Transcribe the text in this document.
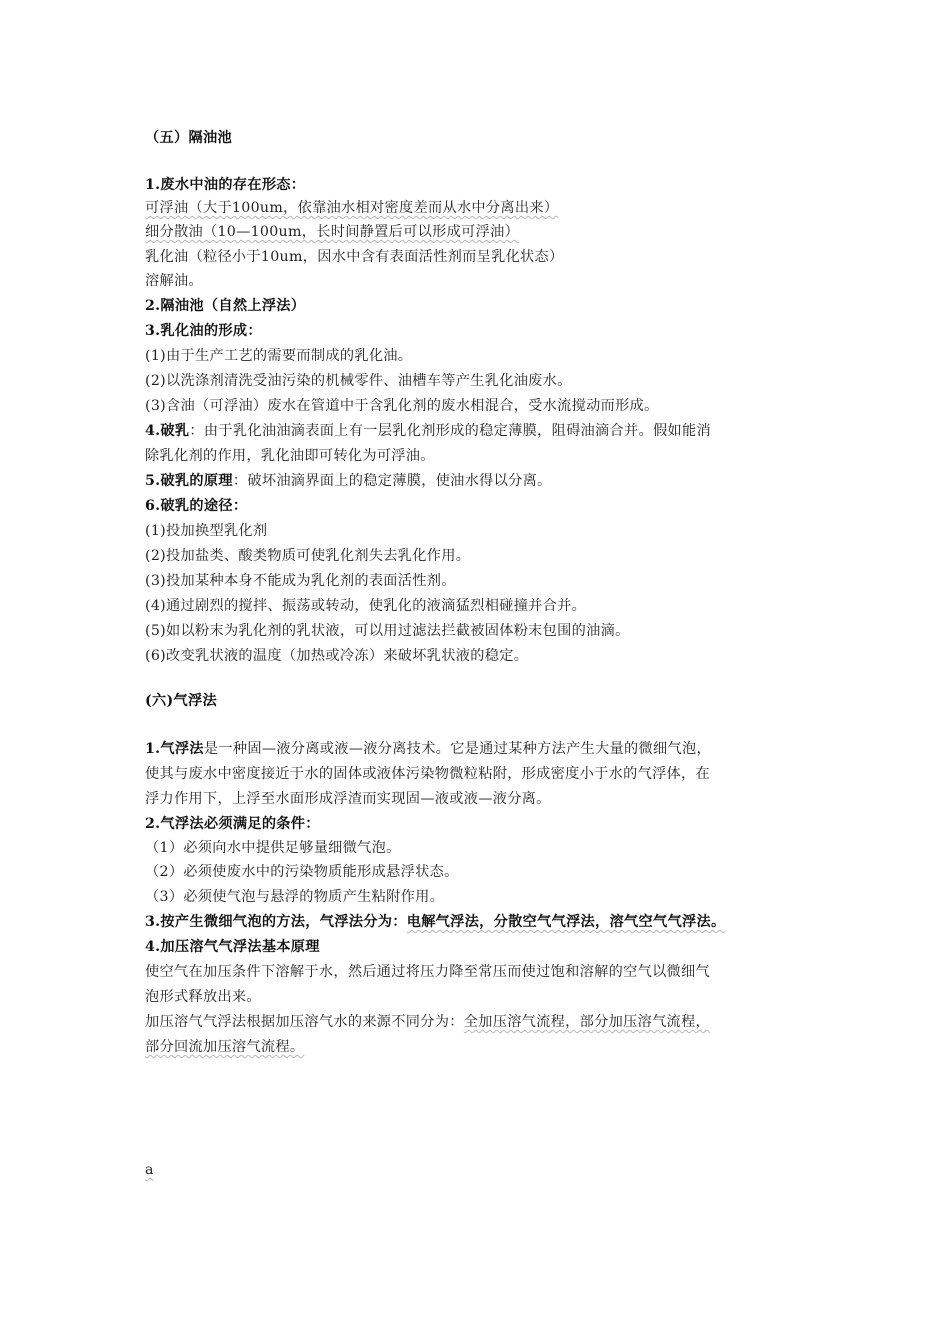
（五）隔油池
1.废水中油的存在形态：
可浮油（大于100um，依靠油水相对密度差而从水中分离出来）
细分散油（10—100um，长时间静置后可以形成可浮油）
乳化油（粒径小于10um，因水中含有表面活性剂而呈乳化状态）
溶解油。
2.隔油池（自然上浮法）
3.乳化油的形成：
(1)由于生产工艺的需要而制成的乳化油。
(2)以洗涤剂清洗受油污染的机械零件、油槽车等产生乳化油废水。
(3)含油（可浮油）废水在管道中于含乳化剂的废水相混合，受水流搅动而形成。
4.破乳：由于乳化油油滴表面上有一层乳化剂形成的稳定薄膜，阻碍油滴合并。假如能消
除乳化剂的作用，乳化油即可转化为可浮油。
5.破乳的原理：破坏油滴界面上的稳定薄膜，使油水得以分离。
6.破乳的途径：
(1)投加换型乳化剂
(2)投加盐类、酸类物质可使乳化剂失去乳化作用。
(3)投加某种本身不能成为乳化剂的表面活性剂。
(4)通过剧烈的搅拌、振荡或转动，使乳化的液滴猛烈相碰撞并合并。
(5)如以粉末为乳化剂的乳状液，可以用过滤法拦截被固体粉末包围的油滴。
(6)改变乳状液的温度（加热或冷冻）来破坏乳状液的稳定。
(六)气浮法
1.气浮法是一种固—液分离或液—液分离技术。它是通过某种方法产生大量的微细气泡，
使其与废水中密度接近于水的固体或液体污染物微粒粘附，形成密度小于水的气浮体，在
浮力作用下，上浮至水面形成浮渣而实现固—液或液—液分离。
2.气浮法必须满足的条件：
（1）必须向水中提供足够量细微气泡。
（2）必须使废水中的污染物质能形成悬浮状态。
（3）必须使气泡与悬浮的物质产生粘附作用。
3.按产生微细气泡的方法，气浮法分为：电解气浮法，分散空气气浮法，溶气空气气浮法。
4.加压溶气气浮法基本原理
使空气在加压条件下溶解于水，然后通过将压力降至常压而使过饱和溶解的空气以微细气
泡形式释放出来。
加压溶气气浮法根据加压溶气水的来源不同分为：全加压溶气流程，部分加压溶气流程，
部分回流加压溶气流程。
a
